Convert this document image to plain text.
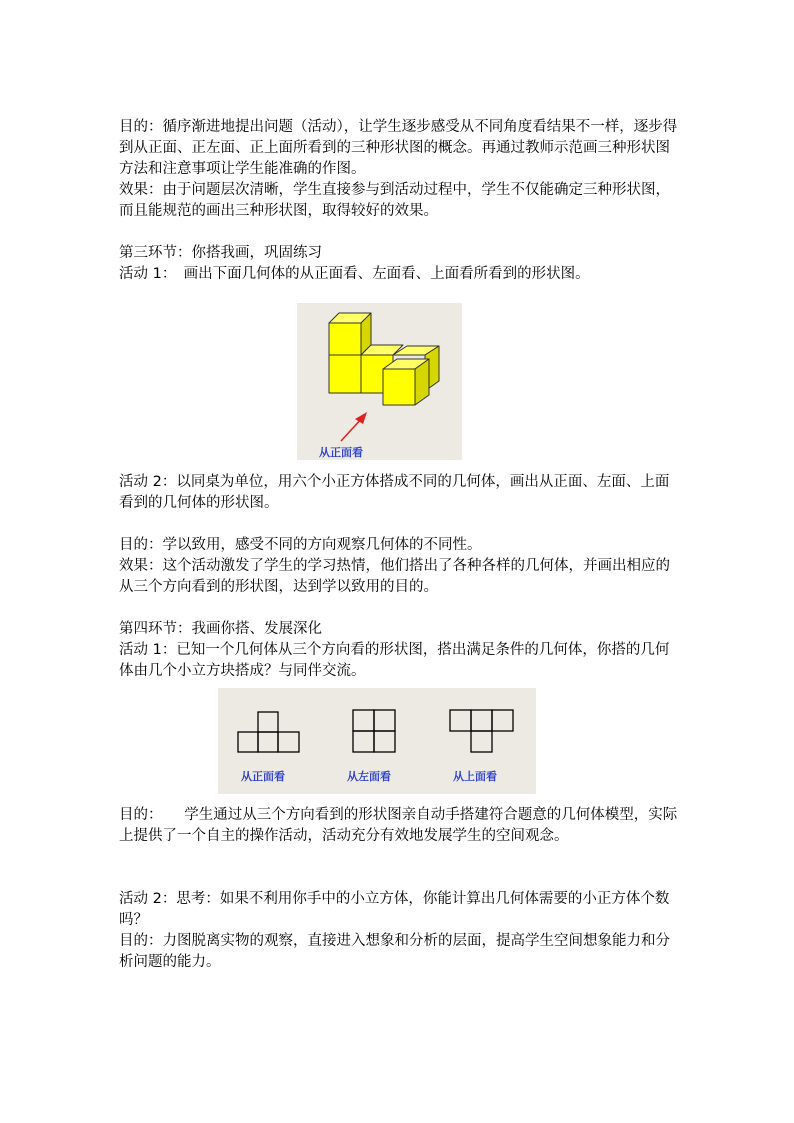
目的：循序渐进地提出问题（活动），让学生逐步感受从不同角度看结果不一样，逐步得到从正面、正左面、正上面所看到的三种形状图的概念。再通过教师示范画三种形状图方法和注意事项让学生能准确的作图。

效果：由于问题层次清晰，学生直接参与到活动过程中，学生不仅能确定三种形状图，而且能规范的画出三种形状图，取得较好的效果。

第三环节：你搭我画，巩固练习

活动 1：　画出下面几何体的从正面看、左面看、上面看所看到的形状图。

从正面看

活动 2：以同桌为单位，用六个小正方体搭成不同的几何体，画出从正面、左面、上面看到的几何体的形状图。

目的：学以致用，感受不同的方向观察几何体的不同性。

效果：这个活动激发了学生的学习热情，他们搭出了各种各样的几何体，并画出相应的从三个方向看到的形状图，达到学以致用的目的。

第四环节：我画你搭、发展深化

活动 1：已知一个几何体从三个方向看的形状图，搭出满足条件的几何体，你搭的几何体由几个小立方块搭成？与同伴交流。

从正面看	从左面看	从上面看

目的：　　学生通过从三个方向看到的形状图亲自动手搭建符合题意的几何体模型，实际上提供了一个自主的操作活动，活动充分有效地发展学生的空间观念。

活动 2：思考：如果不利用你手中的小立方体，你能计算出几何体需要的小正方体个数吗？

目的：力图脱离实物的观察，直接进入想象和分析的层面，提高学生空间想象能力和分析问题的能力。
